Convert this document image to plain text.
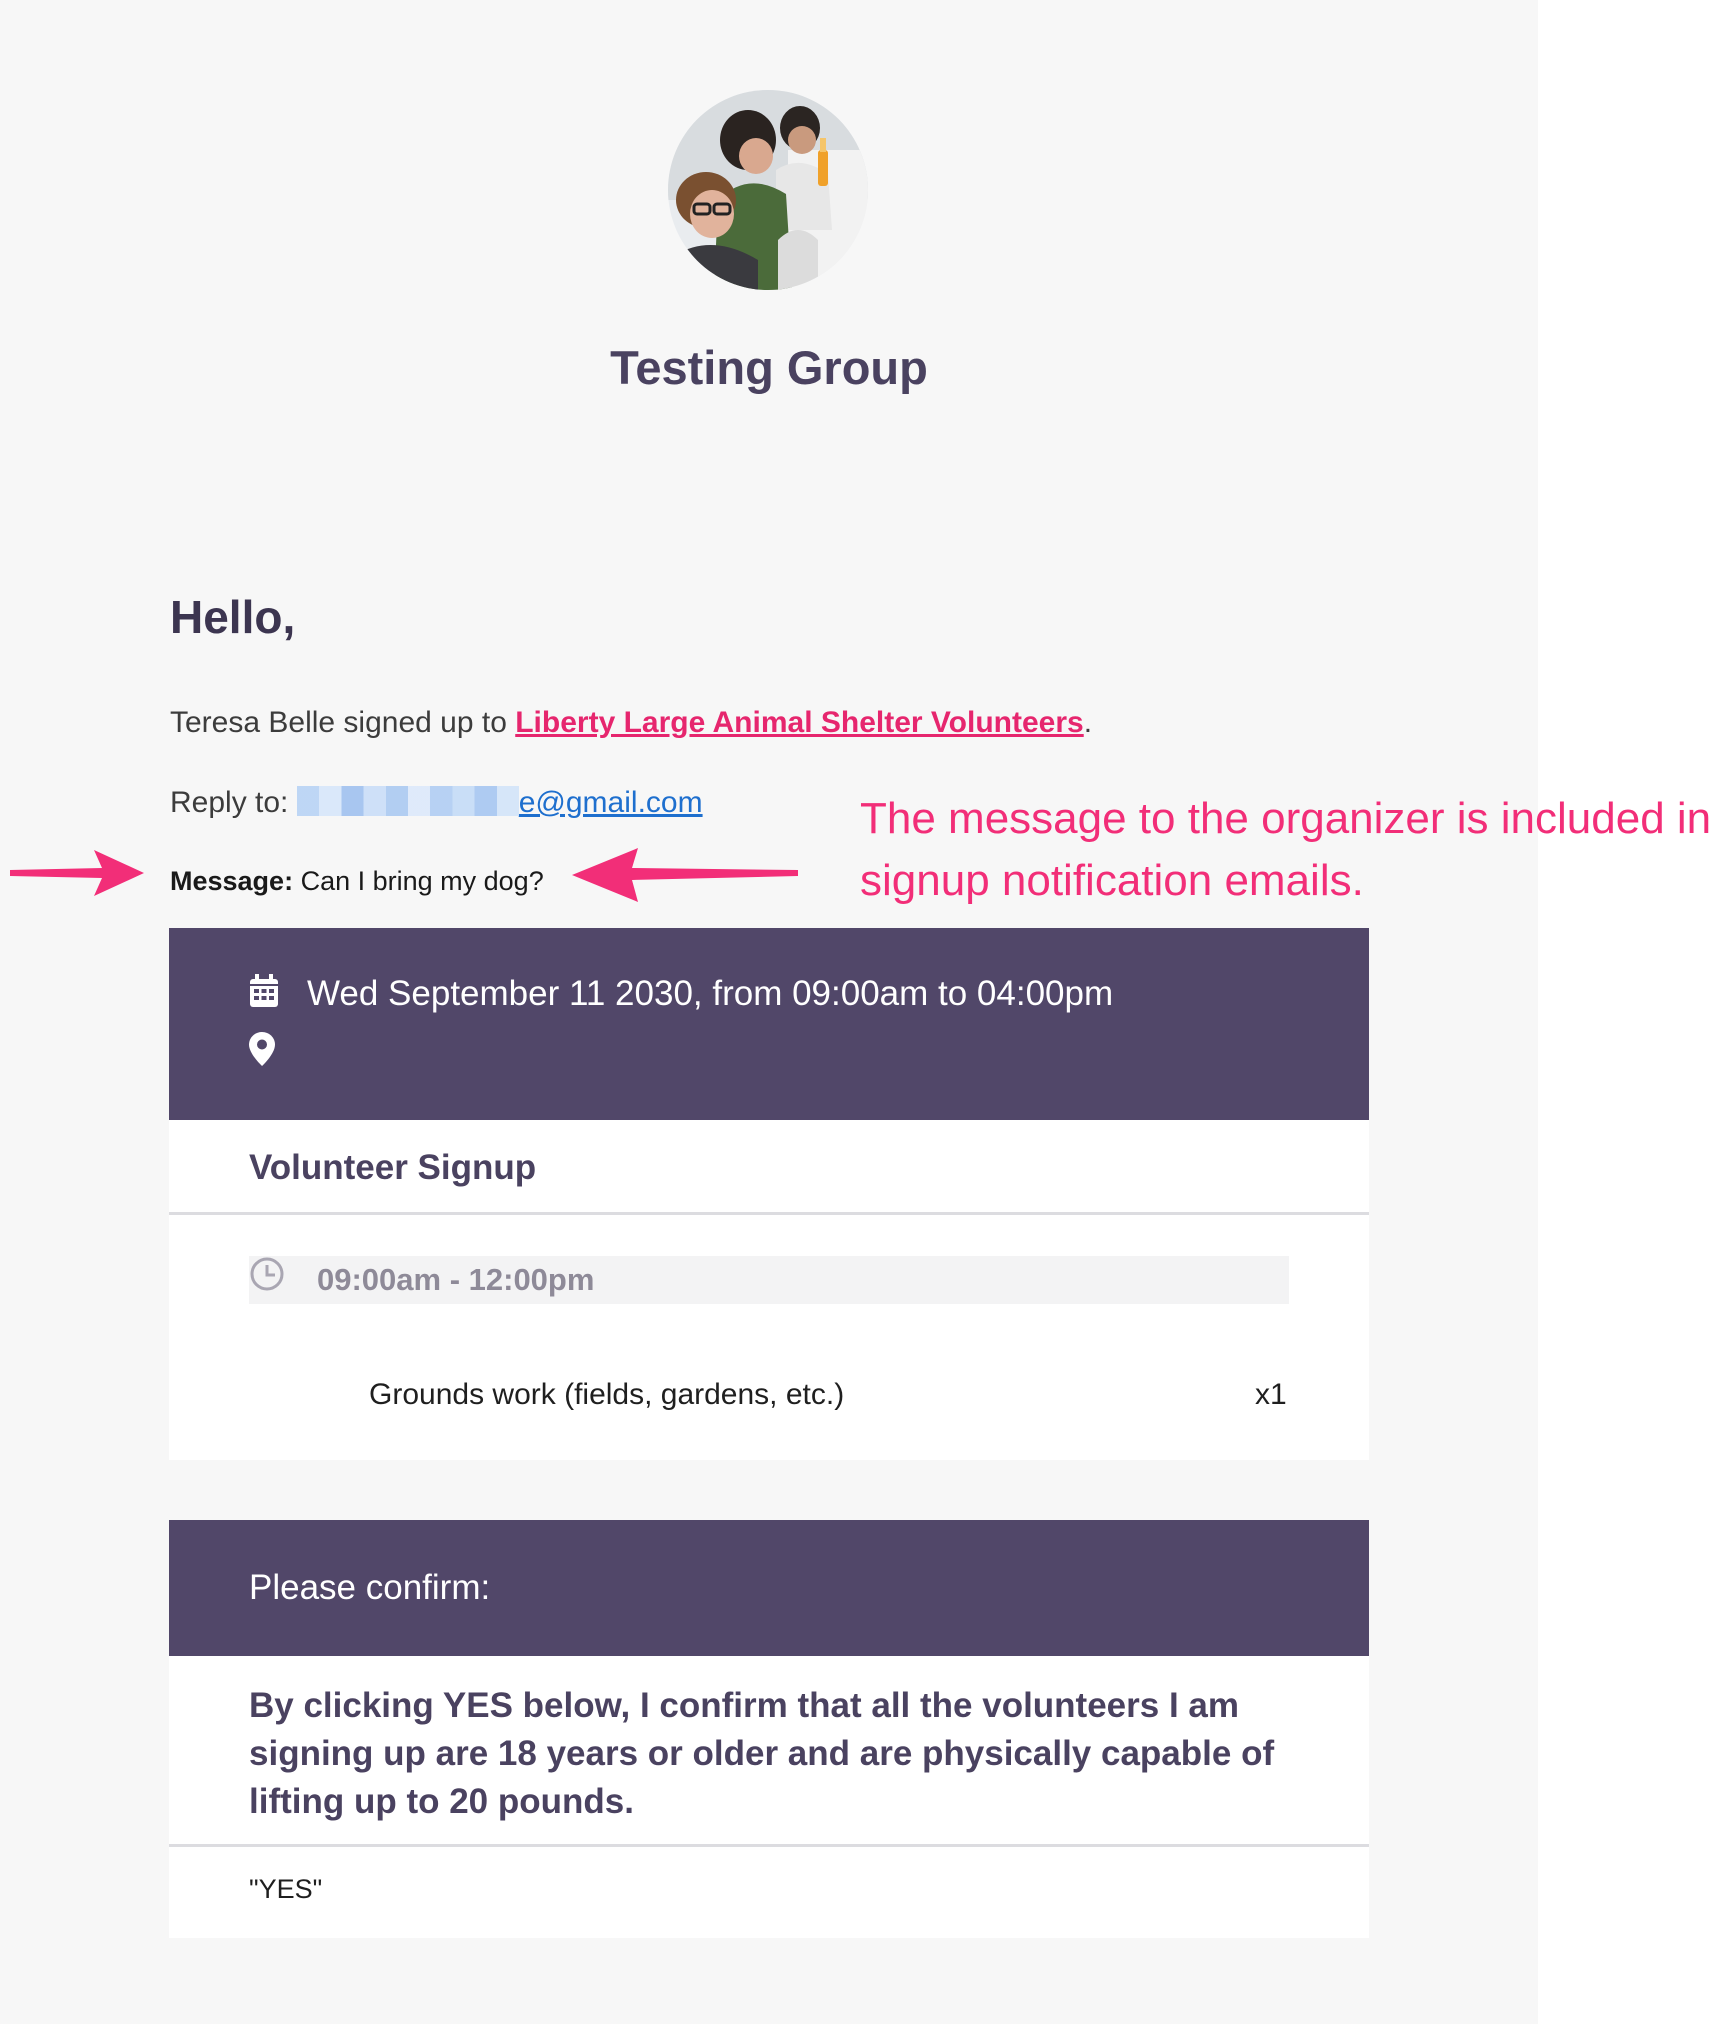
Testing Group
Hello,
Teresa Belle signed up to Liberty Large Animal Shelter Volunteers.
Reply to:	e@gmail.com
Message: Can I bring my dog?
The message to the organizer is included in signup notification emails.
Wed September 11 2030, from 09:00am to 04:00pm
Volunteer Signup
09:00am - 12:00pm
Grounds work (fields, gardens, etc.)	x1
Please confirm:
By clicking YES below, I confirm that all the volunteers I am signing up are 18 years or older and are physically capable of lifting up to 20 pounds.
"YES"
